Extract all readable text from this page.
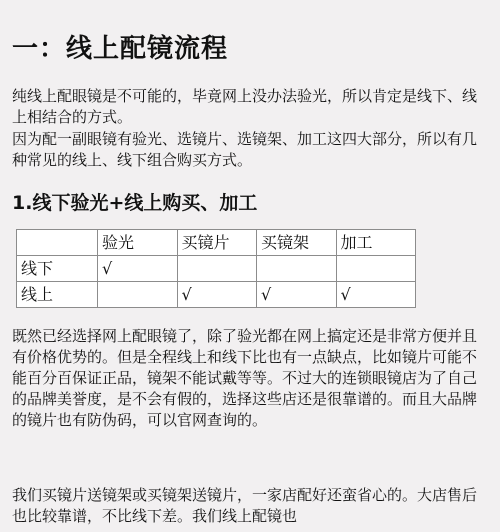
一：线上配镜流程
纯线上配眼镜是不可能的，毕竟网上没办法验光，所以肯定是线下、线上相结合的方式。
因为配一副眼镜有验光、选镜片、选镜架、加工这四大部分，所以有几种常见的线上、线下组合购买方式。
1.线下验光+线上购买、加工
	验光	买镜片	买镜架	加工
线下	√			
线上		√	√	√
既然已经选择网上配眼镜了，除了验光都在网上搞定还是非常方便并且有价格优势的。但是全程线上和线下比也有一点缺点，比如镜片可能不能百分百保证正品，镜架不能试戴等等。不过大的连锁眼镜店为了自己的品牌美誉度，是不会有假的，选择这些店还是很靠谱的。而且大品牌的镜片也有防伪码，可以官网查询的。
我们买镜片送镜架或买镜架送镜片，一家店配好还蛮省心的。大店售后也比较靠谱，不比线下差。我们线上配镜也
